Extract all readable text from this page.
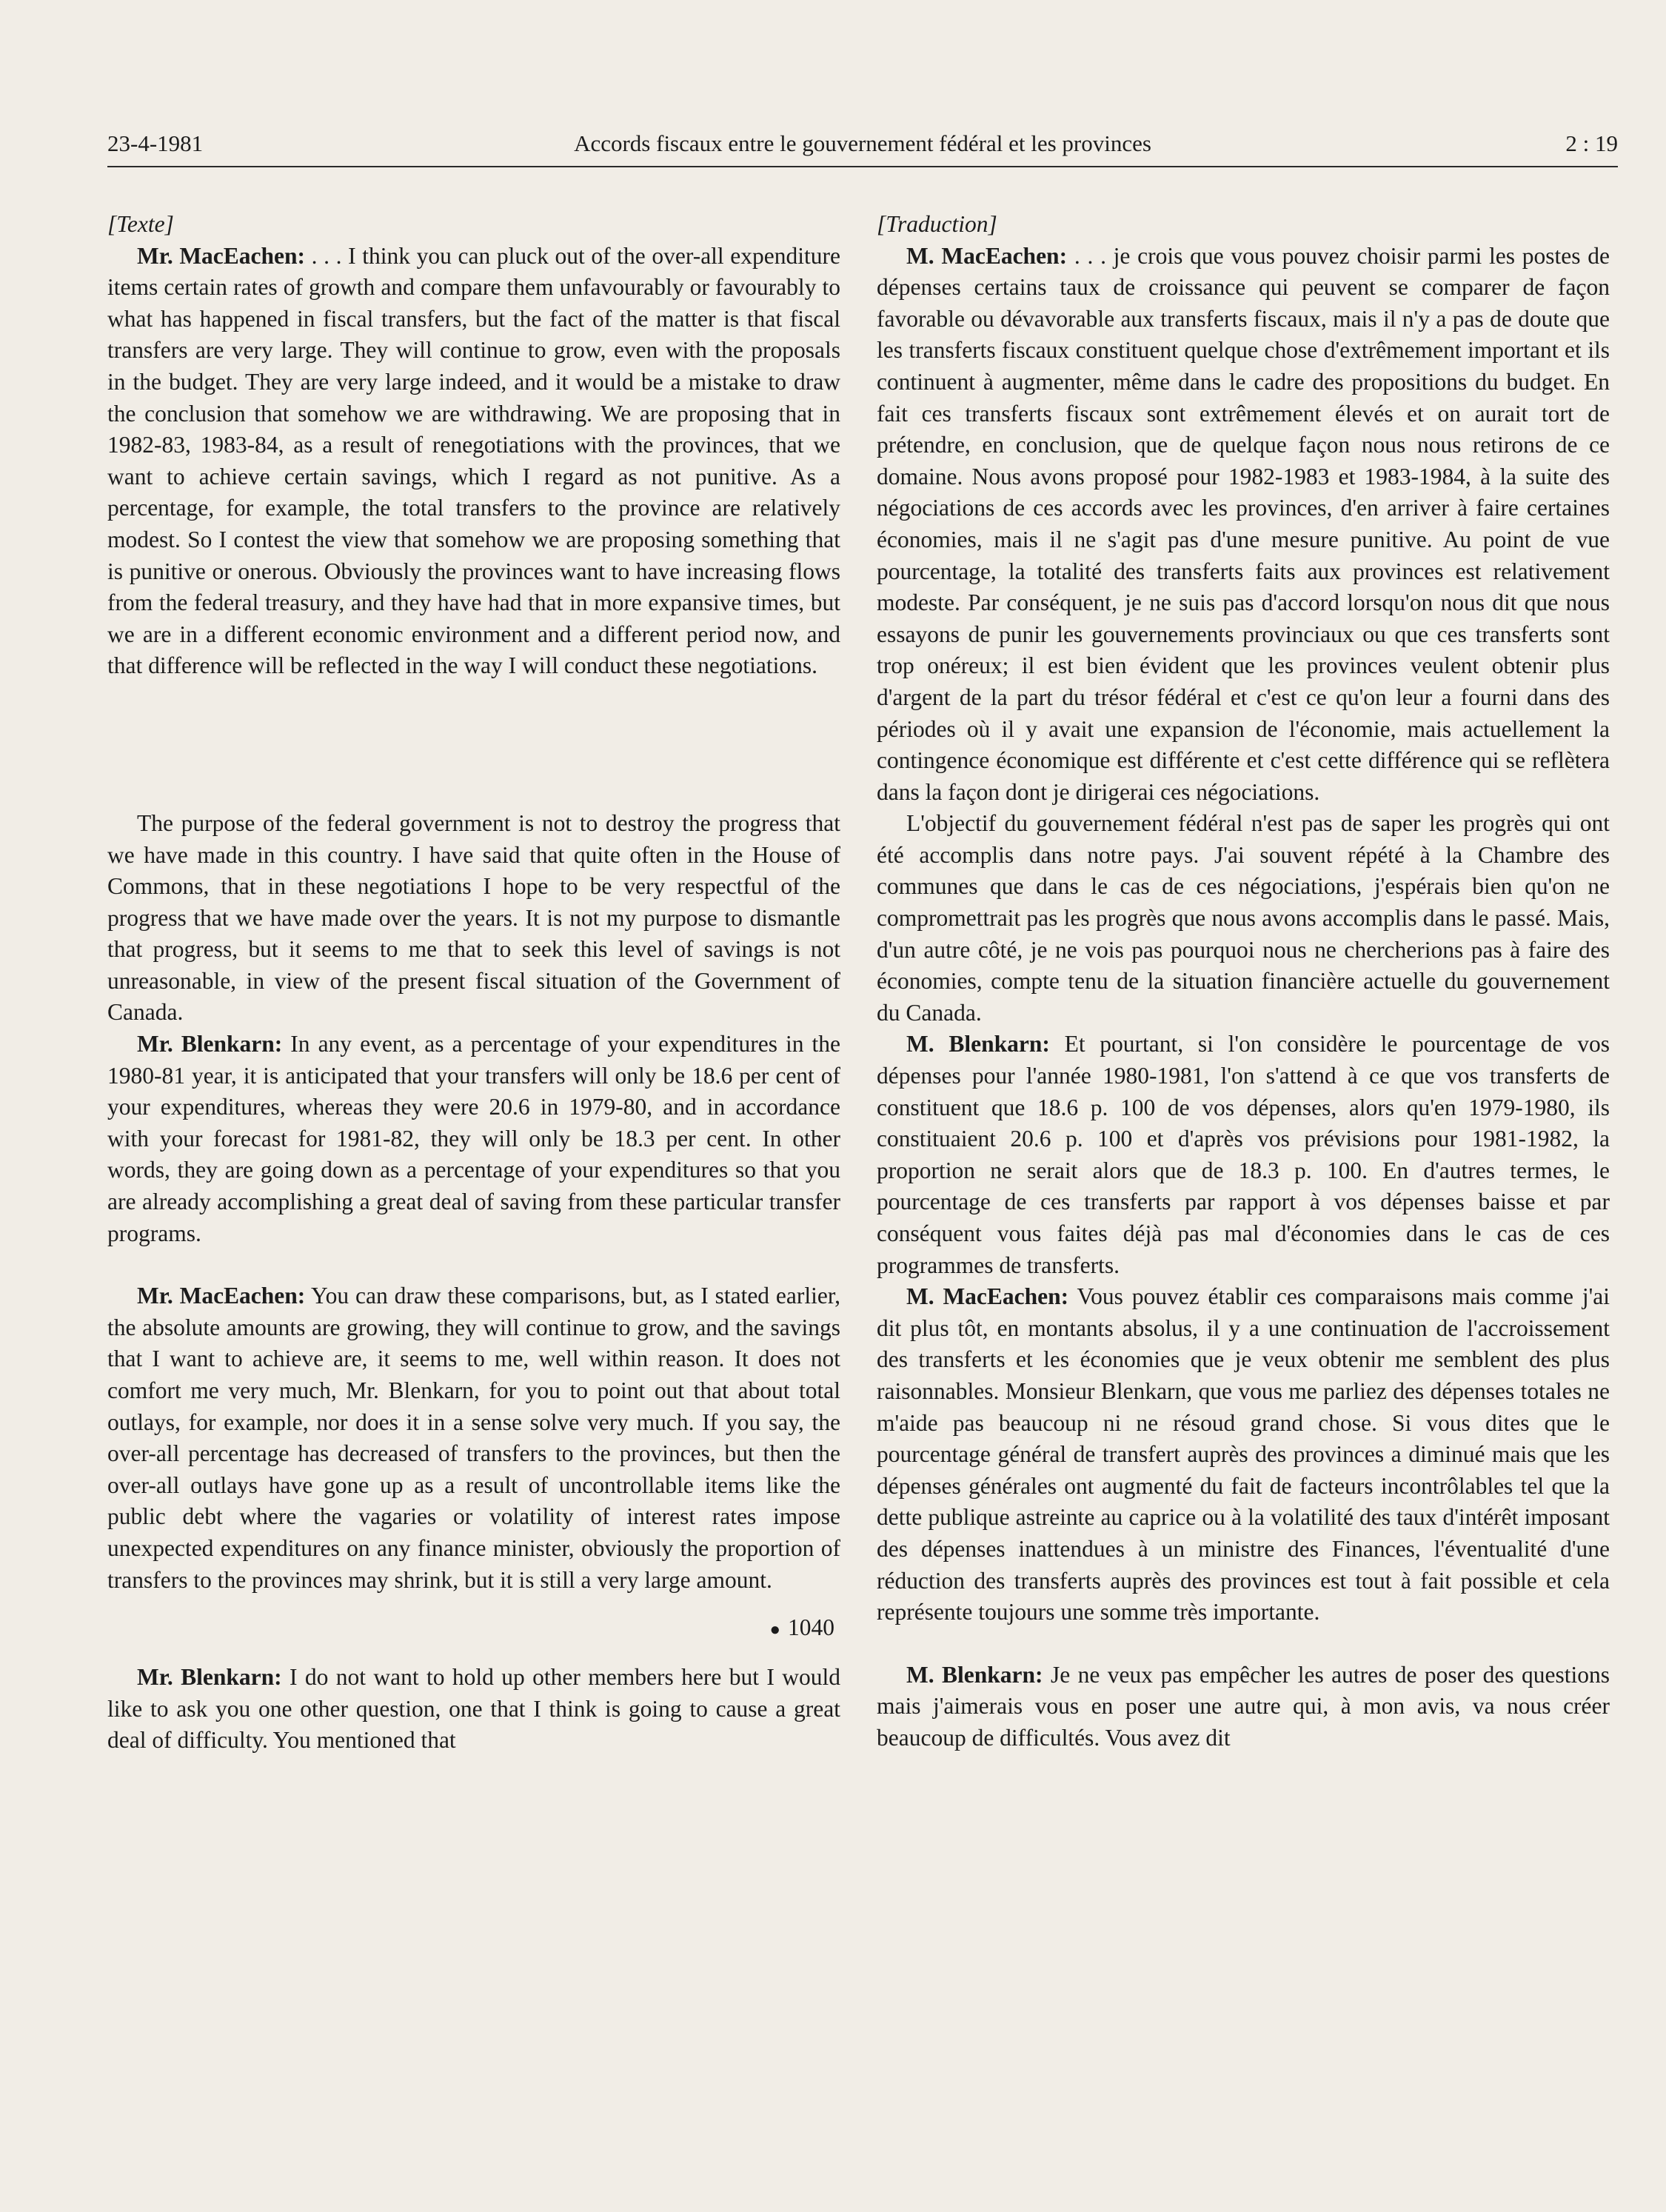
23-4-1981	Accords fiscaux entre le gouvernement fédéral et les provinces	2 : 19

[Texte]

Mr. MacEachen: . . . I think you can pluck out of the over-all expenditure items certain rates of growth and compare them unfavourably or favourably to what has happened in fiscal transfers, but the fact of the matter is that fiscal transfers are very large. They will continue to grow, even with the proposals in the budget. They are very large indeed, and it would be a mistake to draw the conclusion that somehow we are withdrawing. We are proposing that in 1982-83, 1983-84, as a result of renegotiations with the provinces, that we want to achieve certain savings, which I regard as not punitive. As a percentage, for example, the total transfers to the province are relatively modest. So I contest the view that somehow we are proposing something that is punitive or onerous. Obviously the provinces want to have increasing flows from the federal treasury, and they have had that in more expansive times, but we are in a different economic environment and a different period now, and that difference will be reflected in the way I will conduct these negotiations.

The purpose of the federal government is not to destroy the progress that we have made in this country. I have said that quite often in the House of Commons, that in these negotiations I hope to be very respectful of the progress that we have made over the years. It is not my purpose to dismantle that progress, but it seems to me that to seek this level of savings is not unreasonable, in view of the present fiscal situation of the Government of Canada.

Mr. Blenkarn: In any event, as a percentage of your expenditures in the 1980-81 year, it is anticipated that your transfers will only be 18.6 per cent of your expenditures, whereas they were 20.6 in 1979-80, and in accordance with your forecast for 1981-82, they will only be 18.3 per cent. In other words, they are going down as a percentage of your expenditures so that you are already accomplishing a great deal of saving from these particular transfer programs.

Mr. MacEachen: You can draw these comparisons, but, as I stated earlier, the absolute amounts are growing, they will continue to grow, and the savings that I want to achieve are, it seems to me, well within reason. It does not comfort me very much, Mr. Blenkarn, for you to point out that about total outlays, for example, nor does it in a sense solve very much. If you say, the over-all percentage has decreased of transfers to the provinces, but then the over-all outlays have gone up as a result of uncontrollable items like the public debt where the vagaries or volatility of interest rates impose unexpected expenditures on any finance minister, obviously the proportion of transfers to the provinces may shrink, but it is still a very large amount.

● 1040

Mr. Blenkarn: I do not want to hold up other members here but I would like to ask you one other question, one that I think is going to cause a great deal of difficulty. You mentioned that

[Traduction]

M. MacEachen: . . . je crois que vous pouvez choisir parmi les postes de dépenses certains taux de croissance qui peuvent se comparer de façon favorable ou dévavorable aux transferts fiscaux, mais il n'y a pas de doute que les transferts fiscaux constituent quelque chose d'extrêmement important et ils continuent à augmenter, même dans le cadre des propositions du budget. En fait ces transferts fiscaux sont extrêmement élevés et on aurait tort de prétendre, en conclusion, que de quelque façon nous nous retirons de ce domaine. Nous avons proposé pour 1982-1983 et 1983-1984, à la suite des négociations de ces accords avec les provinces, d'en arriver à faire certaines économies, mais il ne s'agit pas d'une mesure punitive. Au point de vue pourcentage, la totalité des transferts faits aux provinces est relativement modeste. Par conséquent, je ne suis pas d'accord lorsqu'on nous dit que nous essayons de punir les gouvernements provinciaux ou que ces transferts sont trop onéreux; il est bien évident que les provinces veulent obtenir plus d'argent de la part du trésor fédéral et c'est ce qu'on leur a fourni dans des périodes où il y avait une expansion de l'économie, mais actuellement la contingence économique est différente et c'est cette différence qui se reflètera dans la façon dont je dirigerai ces négociations.

L'objectif du gouvernement fédéral n'est pas de saper les progrès qui ont été accomplis dans notre pays. J'ai souvent répété à la Chambre des communes que dans le cas de ces négociations, j'espérais bien qu'on ne compromettrait pas les progrès que nous avons accomplis dans le passé. Mais, d'un autre côté, je ne vois pas pourquoi nous ne chercherions pas à faire des économies, compte tenu de la situation financière actuelle du gouvernement du Canada.

M. Blenkarn: Et pourtant, si l'on considère le pourcentage de vos dépenses pour l'année 1980-1981, l'on s'attend à ce que vos transferts de constituent que 18.6 p. 100 de vos dépenses, alors qu'en 1979-1980, ils constituaient 20.6 p. 100 et d'après vos prévisions pour 1981-1982, la proportion ne serait alors que de 18.3 p. 100. En d'autres termes, le pourcentage de ces transferts par rapport à vos dépenses baisse et par conséquent vous faites déjà pas mal d'économies dans le cas de ces programmes de transferts.

M. MacEachen: Vous pouvez établir ces comparaisons mais comme j'ai dit plus tôt, en montants absolus, il y a une continuation de l'accroissement des transferts et les économies que je veux obtenir me semblent des plus raisonnables. Monsieur Blenkarn, que vous me parliez des dépenses totales ne m'aide pas beaucoup ni ne résoud grand chose. Si vous dites que le pourcentage général de transfert auprès des provinces a diminué mais que les dépenses générales ont augmenté du fait de facteurs incontrôlables tel que la dette publique astreinte au caprice ou à la volatilité des taux d'intérêt imposant des dépenses inattendues à un ministre des Finances, l'éventualité d'une réduction des transferts auprès des provinces est tout à fait possible et cela représente toujours une somme très importante.

M. Blenkarn: Je ne veux pas empêcher les autres de poser des questions mais j'aimerais vous en poser une autre qui, à mon avis, va nous créer beaucoup de difficultés. Vous avez dit
